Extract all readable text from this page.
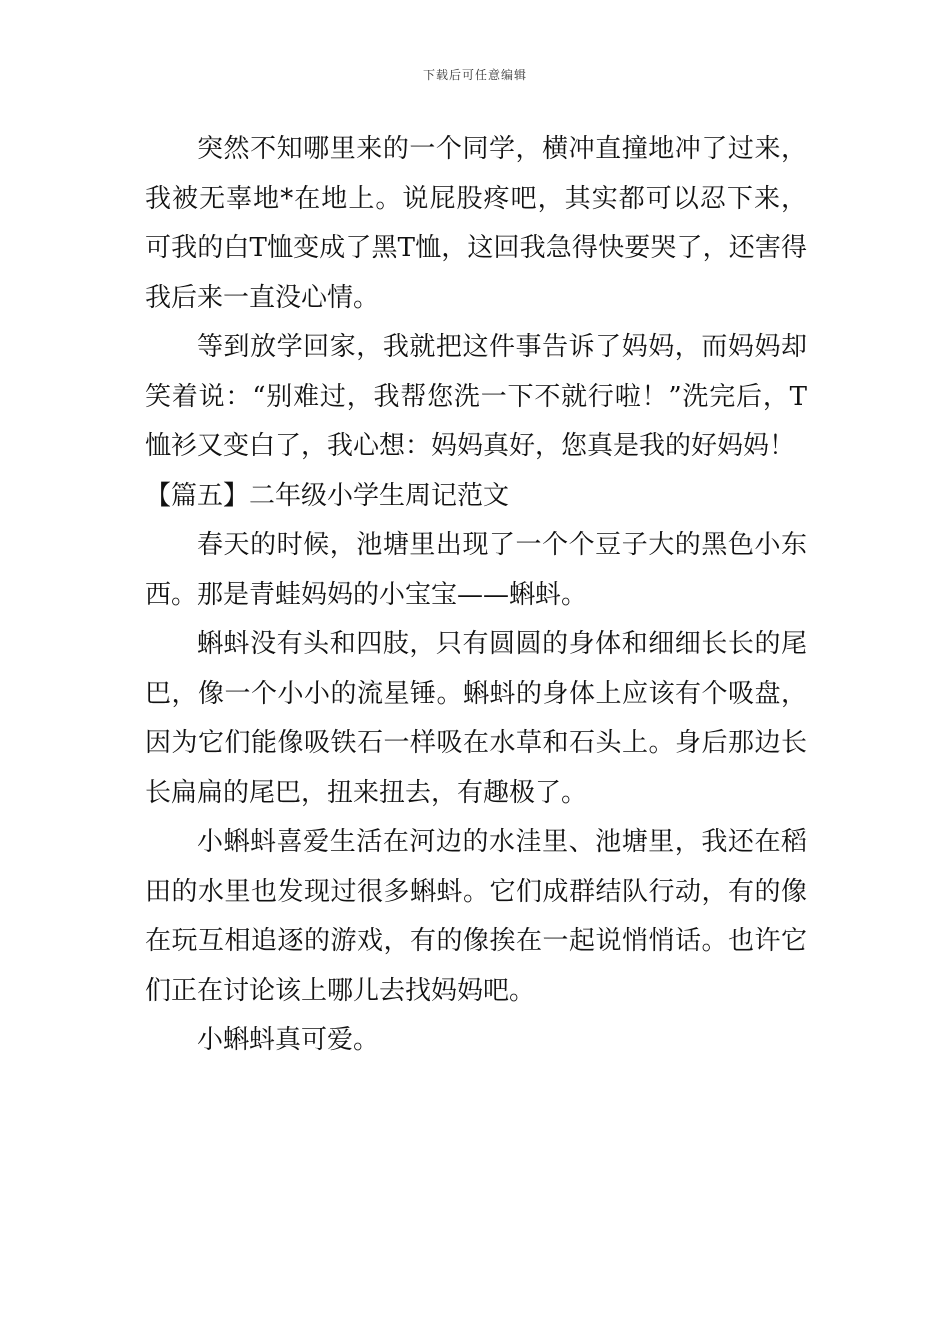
下载后可任意编辑

突然不知哪里来的一个同学，横冲直撞地冲了过来，我被无辜地*在地上。说屁股疼吧，其实都可以忍下来，可我的白T恤变成了黑T恤，这回我急得快要哭了，还害得我后来一直没心情。

等到放学回家，我就把这件事告诉了妈妈，而妈妈却笑着说：“别难过，我帮您洗一下不就行啦！”洗完后，T恤衫又变白了，我心想：妈妈真好，您真是我的好妈妈！

【篇五】二年级小学生周记范文

春天的时候，池塘里出现了一个个豆子大的黑色小东西。那是青蛙妈妈的小宝宝——蝌蚪。

蝌蚪没有头和四肢，只有圆圆的身体和细细长长的尾巴，像一个小小的流星锤。蝌蚪的身体上应该有个吸盘，因为它们能像吸铁石一样吸在水草和石头上。身后那边长长扁扁的尾巴，扭来扭去，有趣极了。

小蝌蚪喜爱生活在河边的水洼里、池塘里，我还在稻田的水里也发现过很多蝌蚪。它们成群结队行动，有的像在玩互相追逐的游戏，有的像挨在一起说悄悄话。也许它们正在讨论该上哪儿去找妈妈吧。

小蝌蚪真可爱。
